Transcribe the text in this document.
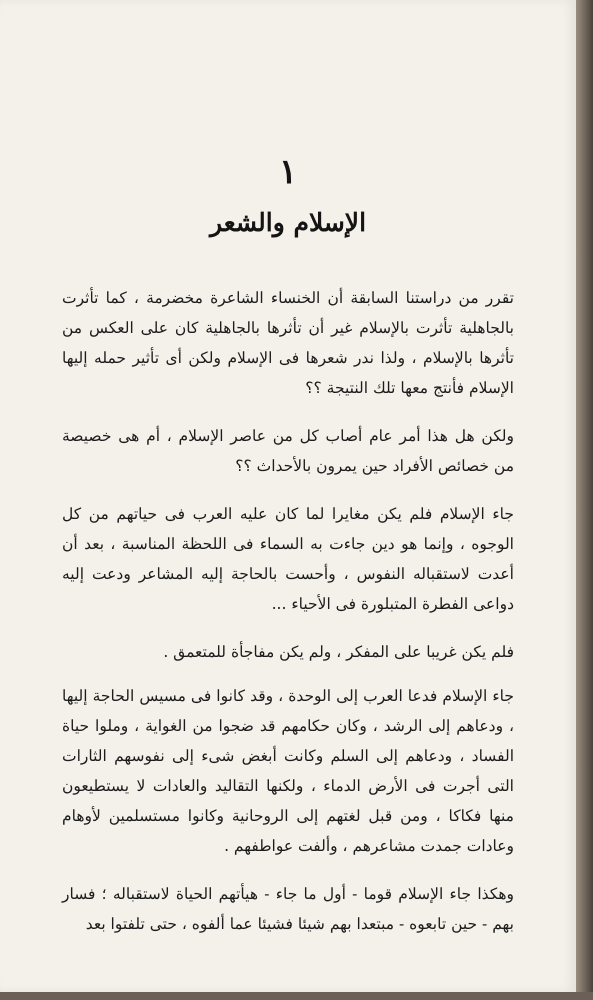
١
الإسلام والشعر

تقرر من دراستنا السابقة أن الخنساء الشاعرة مخضرمة ، كما تأثرت بالجاهلية تأثرت بالإسلام غير أن تأثرها بالجاهلية كان على العكس من تأثرها بالإسلام ، ولذا ندر شعرها فى الإسلام ولكن أى تأثير حمله إليها الإسلام فأنتج معها تلك النتيجة ؟؟

ولكن هل هذا أمر عام أصاب كل من عاصر الإسلام ، أم هى خصيصة من خصائص الأفراد حين يمرون بالأحداث ؟؟

جاء الإسلام فلم يكن مغايرا لما كان عليه العرب فى حياتهم من كل الوجوه ، وإنما هو دين جاءت به السماء فى اللحظة المناسبة ، بعد أن أعدت لاستقباله النفوس ، وأحست بالحاجة إليه المشاعر ودعت إليه دواعى الفطرة المتبلورة فى الأحياء ...

فلم يكن غريبا على المفكر ، ولم يكن مفاجأة للمتعمق .

جاء الإسلام فدعا العرب إلى الوحدة ، وقد كانوا فى مسيس الحاجة إليها ، ودعاهم إلى الرشد ، وكان حكامهم قد ضجوا من الغواية ، وملوا حياة الفساد ، ودعاهم إلى السلم وكانت أبغض شىء إلى نفوسهم الثارات التى أجرت فى الأرض الدماء ، ولكنها التقاليد والعادات لا يستطيعون منها فكاكا ، ومن قبل لغتهم إلى الروحانية وكانوا مستسلمين لأوهام وعادات جمدت مشاعرهم ، وألفت عواطفهم .

وهكذا جاء الإسلام قوما - أول ما جاء - هيأتهم الحياة لاستقباله ؛ فسار بهم - حين تابعوه - مبتعدا بهم شيئا فشيئا عما ألفوه ، حتى تلفتوا بعد
